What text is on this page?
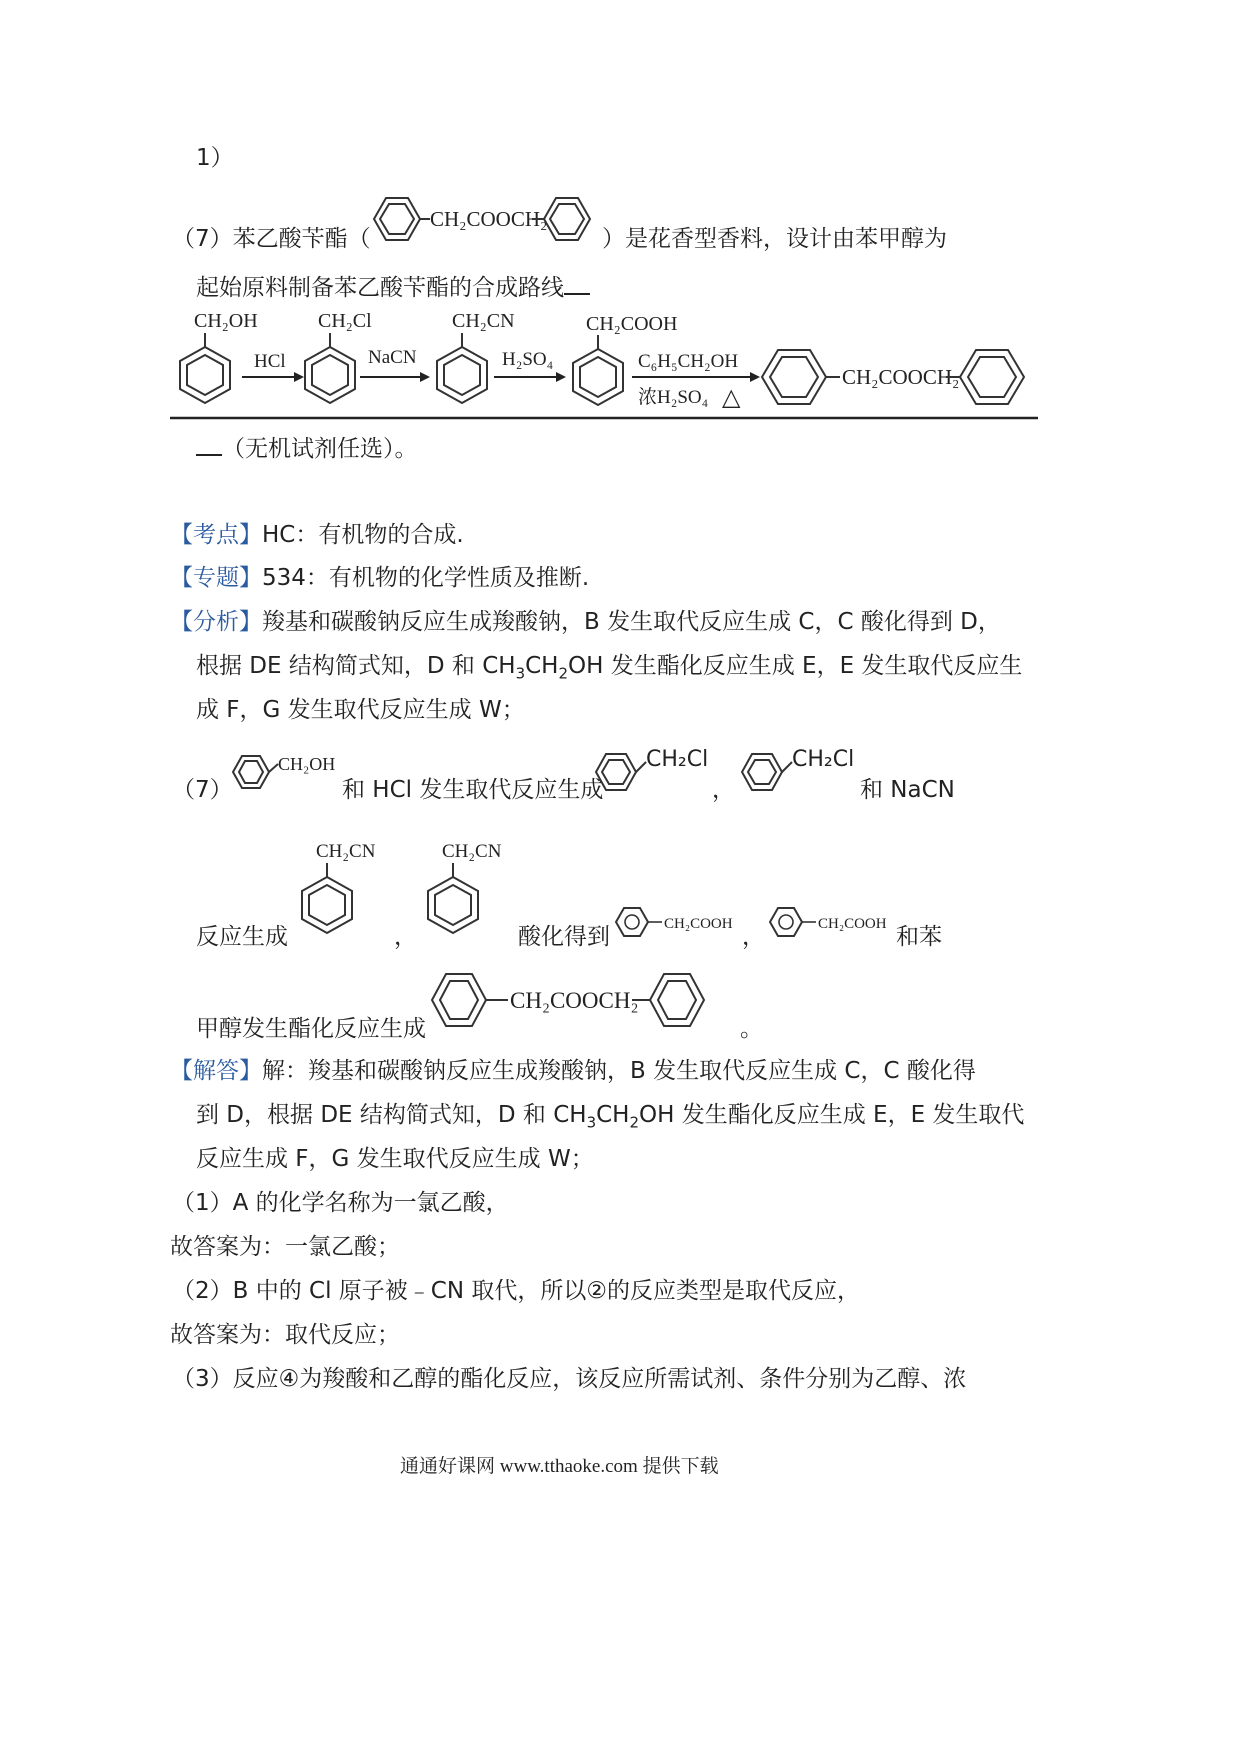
1）
（7）苯乙酸苄酯（
CH₂COOCH₂
）是花香型香料，设计由苯甲醇为
起始原料制备苯乙酸苄酯的合成路线
CH₂OH
HCl
CH₂Cl
NaCN
CH₂CN
H₂SO₄
CH₂COOH
C₆H₅CH₂OH
浓H₂SO₄ △
CH₂COOCH₂
（无机试剂任选）。
【考点】HC：有机物的合成.
【专题】534：有机物的化学性质及推断.
【分析】羧基和碳酸钠反应生成羧酸钠，B 发生取代反应生成 C，C 酸化得到 D，
根据 DE 结构简式知，D 和 $CH_3CH_2OH$ 发生酯化反应生成 E，E 发生取代反应生
成 F，G 发生取代反应生成 W；
（7）
CH₂OH
和 HCl 发生取代反应生成
CH₂Cl
，
CH₂Cl
和 NaCN
反应生成
CH₂CN
，
CH₂CN
酸化得到	CH₂COOH ，	CH₂COOH 和苯
甲醇发生酯化反应生成
CH₂COOCH₂
。
【解答】解：羧基和碳酸钠反应生成羧酸钠，B 发生取代反应生成 C，C 酸化得
到 D，根据 DE 结构简式知，D 和 $CH_3CH_2OH$ 发生酯化反应生成 E，E 发生取代
反应生成 F，G 发生取代反应生成 W；
（1）A 的化学名称为一氯乙酸，
故答案为：一氯乙酸；
（2）B 中的 Cl 原子被﹣CN 取代，所以②的反应类型是取代反应，
故答案为：取代反应；
（3）反应④为羧酸和乙醇的酯化反应，该反应所需试剂、条件分别为乙醇、浓
通通好课网 www.tthaoke.com 提供下载
